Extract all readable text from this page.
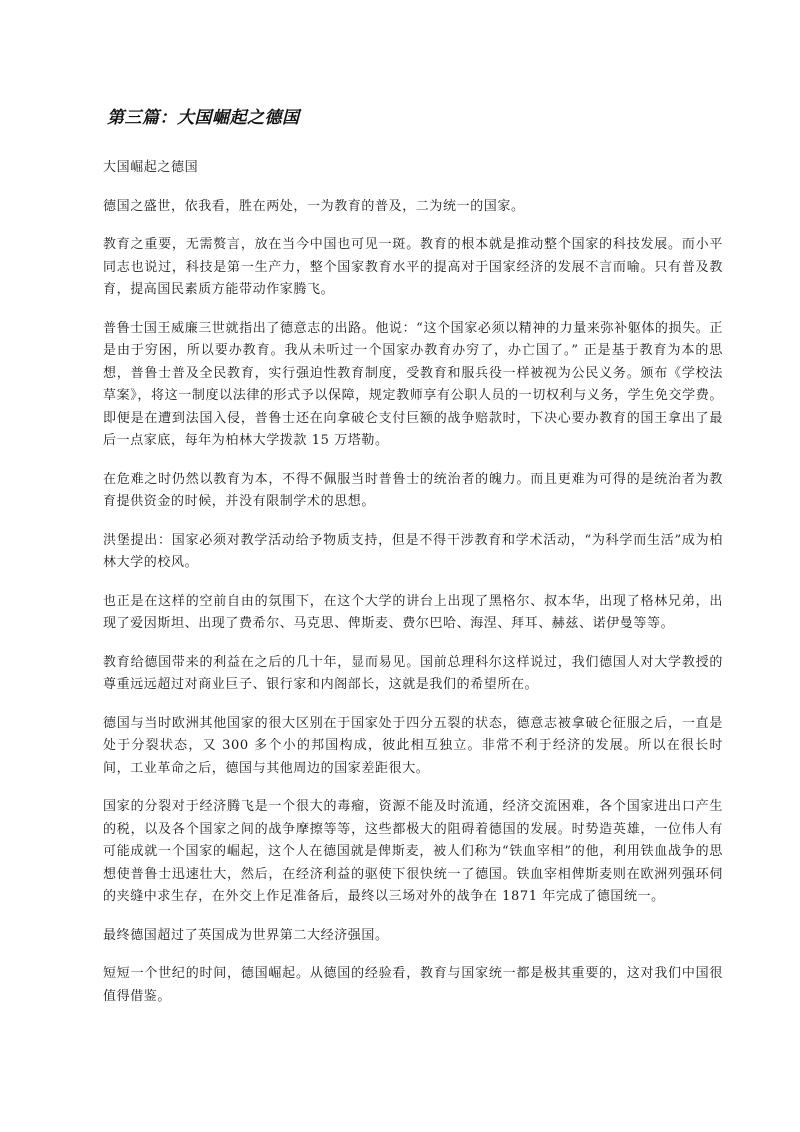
第三篇：大国崛起之德国

大国崛起之德国

德国之盛世，依我看，胜在两处，一为教育的普及，二为统一的国家。

教育之重要，无需赘言，放在当今中国也可见一斑。教育的根本就是推动整个国家的科技发展。而小平同志也说过，科技是第一生产力，整个国家教育水平的提高对于国家经济的发展不言而喻。只有普及教育，提高国民素质方能带动作家腾飞。

普鲁士国王威廉三世就指出了德意志的出路。他说：“这个国家必须以精神的力量来弥补躯体的损失。正是由于穷困，所以要办教育。我从未听过一个国家办教育办穷了，办亡国了。” 正是基于教育为本的思想，普鲁士普及全民教育，实行强迫性教育制度，受教育和服兵役一样被视为公民义务。颁布《学校法草案》，将这一制度以法律的形式予以保障，规定教师享有公职人员的一切权利与义务，学生免交学费。即便是在遭到法国入侵，普鲁士还在向拿破仑支付巨额的战争赔款时，下决心要办教育的国王拿出了最后一点家底，每年为柏林大学拨款 15 万塔勒。

在危难之时仍然以教育为本，不得不佩服当时普鲁士的统治者的魄力。而且更难为可得的是统治者为教育提供资金的时候，并没有限制学术的思想。

洪堡提出：国家必须对教学活动给予物质支持，但是不得干涉教育和学术活动，“为科学而生活”成为柏林大学的校风。

也正是在这样的空前自由的氛围下，在这个大学的讲台上出现了黑格尔、叔本华，出现了格林兄弟，出现了爱因斯坦、出现了费希尔、马克思、俾斯麦、费尔巴哈、海涅、拜耳、赫兹、诺伊曼等等。

教育给德国带来的利益在之后的几十年，显而易见。国前总理科尔这样说过，我们德国人对大学教授的尊重远远超过对商业巨子、银行家和内阁部长，这就是我们的希望所在。

德国与当时欧洲其他国家的很大区别在于国家处于四分五裂的状态，德意志被拿破仑征服之后，一直是处于分裂状态，又 300 多个小的邦国构成，彼此相互独立。非常不利于经济的发展。所以在很长时间，工业革命之后，德国与其他周边的国家差距很大。

国家的分裂对于经济腾飞是一个很大的毒瘤，资源不能及时流通，经济交流困难，各个国家进出口产生的税，以及各个国家之间的战争摩擦等等，这些都极大的阻碍着德国的发展。时势造英雄，一位伟人有可能成就一个国家的崛起，这个人在德国就是俾斯麦，被人们称为“铁血宰相”的他，利用铁血战争的思想使普鲁士迅速壮大，然后，在经济利益的驱使下很快统一了德国。铁血宰相俾斯麦则在欧洲列强环伺的夹缝中求生存，在外交上作足准备后，最终以三场对外的战争在 1871 年完成了德国统一。

最终德国超过了英国成为世界第二大经济强国。

短短一个世纪的时间，德国崛起。从德国的经验看，教育与国家统一都是极其重要的，这对我们中国很值得借鉴。
